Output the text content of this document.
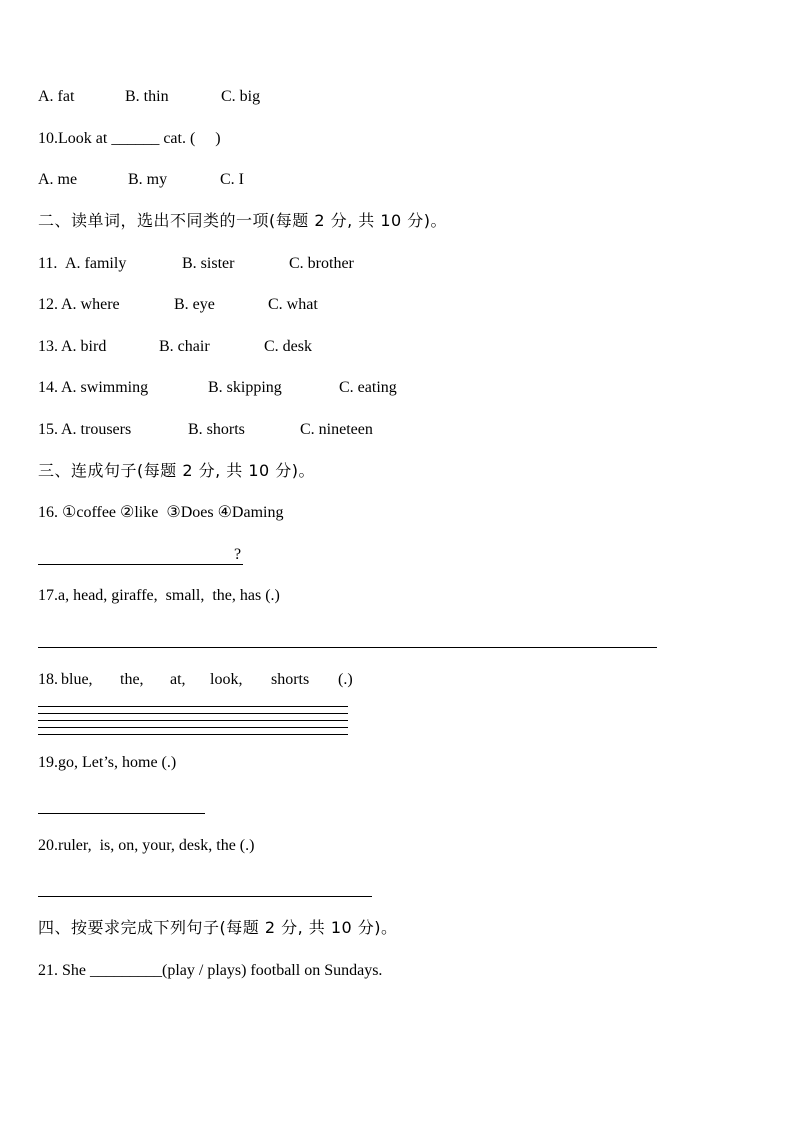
A. fat	B. thin	C. big
10.Look at ______ cat. (     )
A. me	B. my	C. I
二、读单词，选出不同类的一项(每题 2 分, 共 10 分)。
11. A. family	B. sister	C. brother
12. A. where	B. eye	C. what
13. A. bird	B. chair	C. desk
14. A. swimming	B. skipping	C. eating
15. A. trousers	B. shorts	C. nineteen
三、连成句子(每题 2 分, 共 10 分)。
16. ①coffee ②like  ③Does ④Daming
?
17.a, head, giraffe,  small,  the, has (.)
18. blue, the, at, look, shorts (.)
19.go, Let’s, home (.)
20.ruler,  is, on, your, desk, the (.)
四、按要求完成下列句子(每题 2 分, 共 10 分)。
21. She _________(play / plays) football on Sundays.
